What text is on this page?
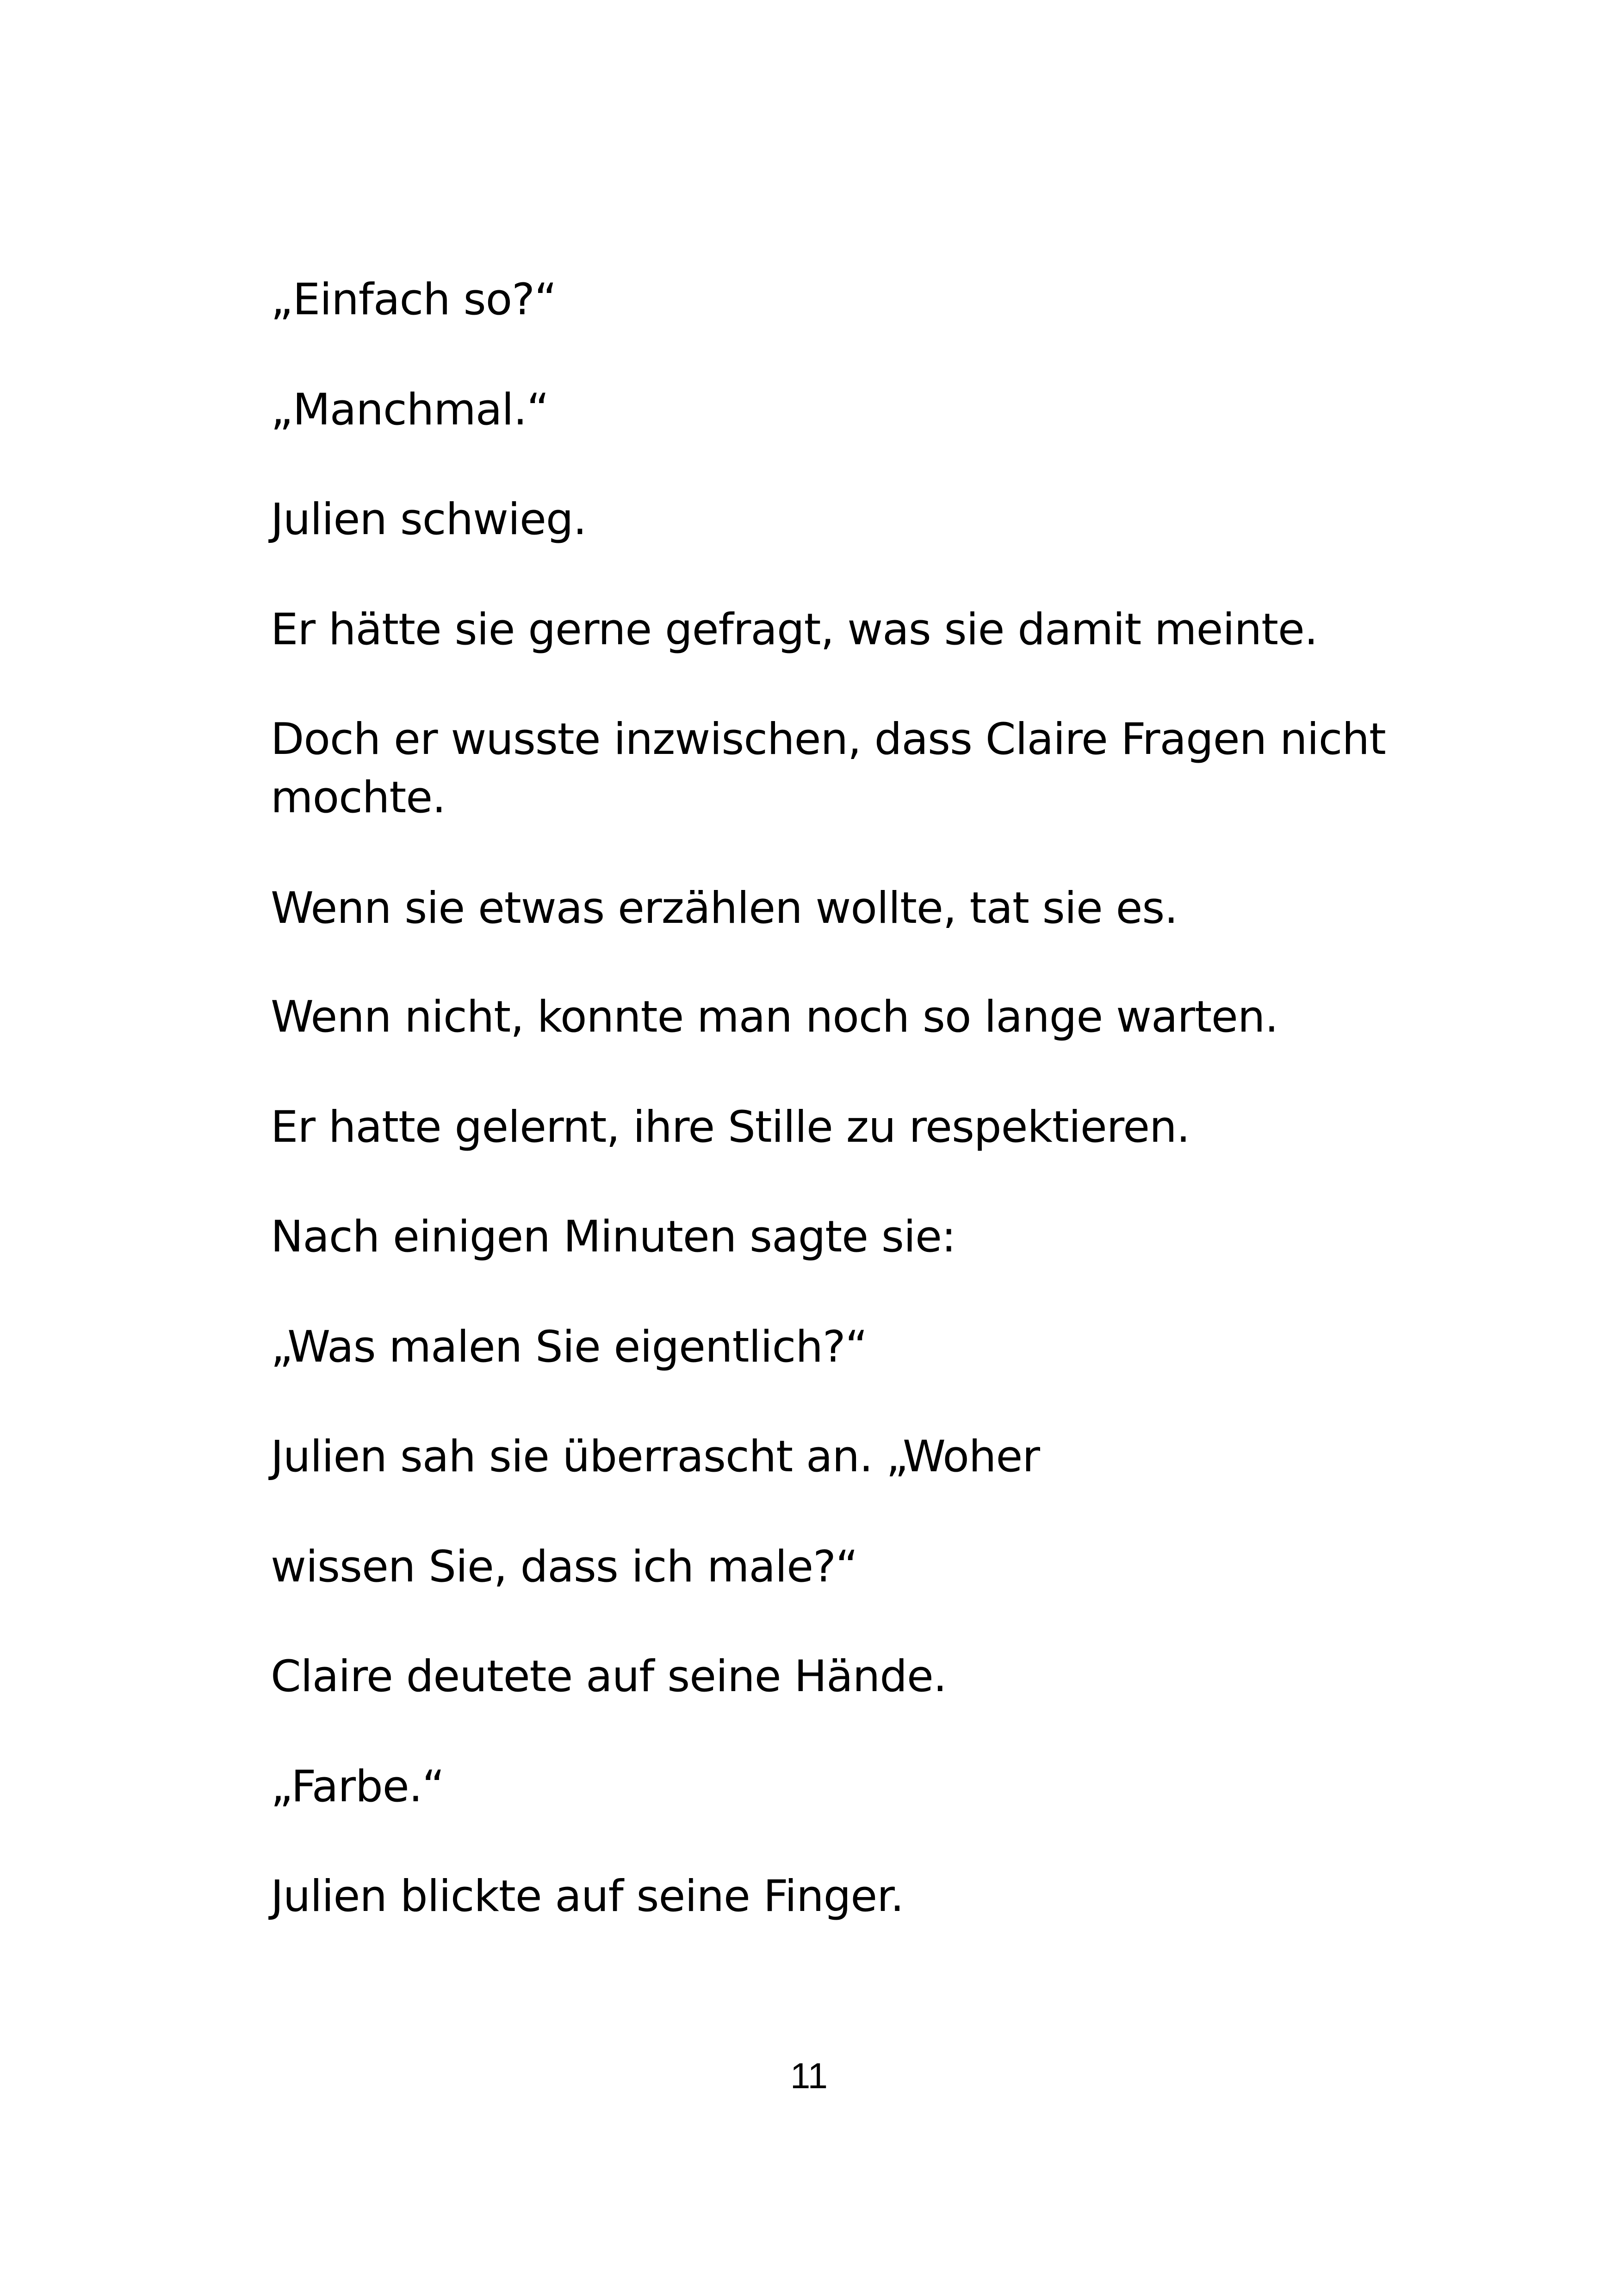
„Einfach so?“

„Manchmal.“

Julien schwieg.

Er hätte sie gerne gefragt, was sie damit meinte.

Doch er wusste inzwischen, dass Claire Fragen nicht mochte.

Wenn sie etwas erzählen wollte, tat sie es.

Wenn nicht, konnte man noch so lange warten.

Er hatte gelernt, ihre Stille zu respektieren.

Nach einigen Minuten sagte sie:

„Was malen Sie eigentlich?“

Julien sah sie überrascht an. „Woher

wissen Sie, dass ich male?“

Claire deutete auf seine Hände.

„Farbe.“

Julien blickte auf seine Finger.

11
